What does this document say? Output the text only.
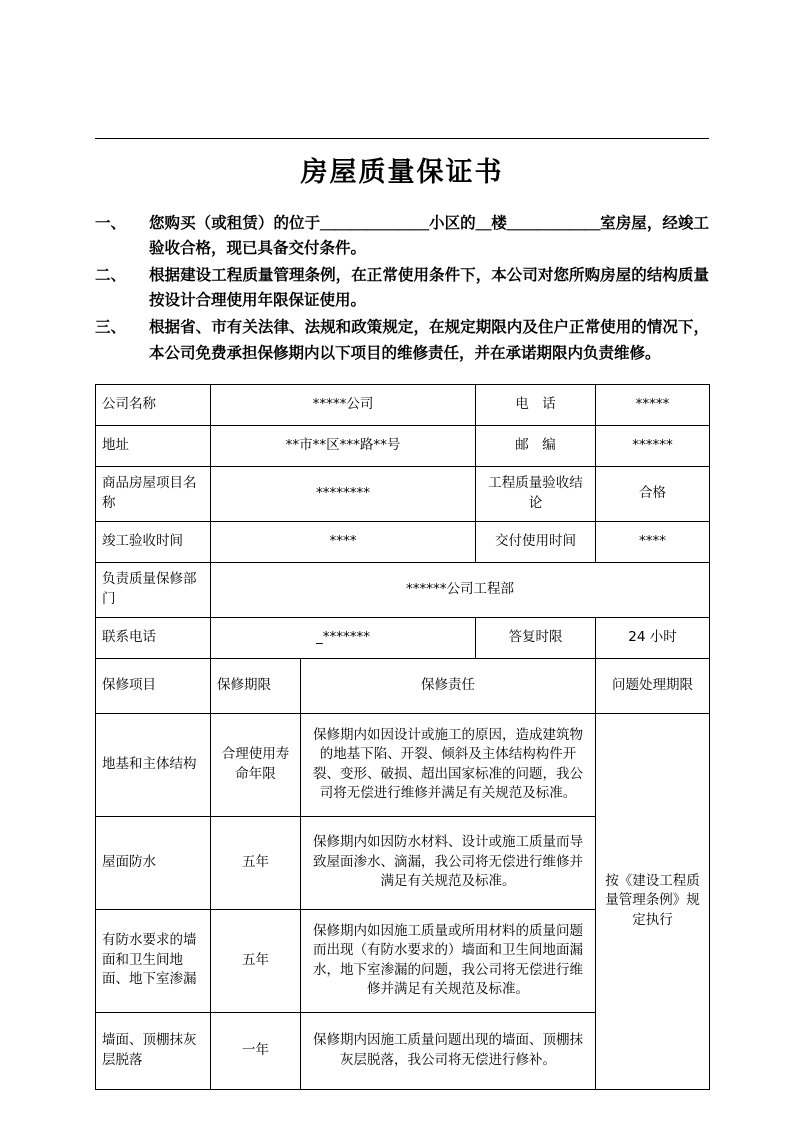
房屋质量保证书
一、	您购买（或租赁）的位于＿＿＿＿＿＿＿小区的＿楼＿＿＿＿＿＿室房屋，经竣工验收合格，现已具备交付条件。
二、	根据建设工程质量管理条例，在正常使用条件下，本公司对您所购房屋的结构质量按设计合理使用年限保证使用。
三、	根据省、市有关法律、法规和政策规定，在规定期限内及住户正常使用的情况下，本公司免费承担保修期内以下项目的维修责任，并在承诺期限内负责维修。
公司名称	*****公司		电　话	*****
地址	**市**区***路**号		邮　编	******
商品房屋项目名称	********		工程质量验收结论	合格
竣工验收时间	****		交付使用时间	****
负责质量保修部门	******公司工程部			
联系电话	_*******		答复时限	24 小时
保修项目	保修期限	保修责任		问题处理期限
地基和主体结构	合理使用寿命年限	保修期内如因设计或施工的原因，造成建筑物的地基下陷、开裂、倾斜及主体结构构件开裂、变形、破损、超出国家标准的问题，我公司将无偿进行维修并满足有关规范及标准。		按《建设工程质量管理条例》规定执行
屋面防水	五年	保修期内如因防水材料、设计或施工质量而导致屋面渗水、滴漏，我公司将无偿进行维修并满足有关规范及标准。		
有防水要求的墙面和卫生间地面、地下室渗漏	五年	保修期内如因施工质量或所用材料的质量问题而出现（有防水要求的）墙面和卫生间地面漏水，地下室渗漏的问题，我公司将无偿进行维修并满足有关规范及标准。		
墙面、顶棚抹灰层脱落	一年	保修期内因施工质量问题出现的墙面、顶棚抹灰层脱落，我公司将无偿进行修补。		
